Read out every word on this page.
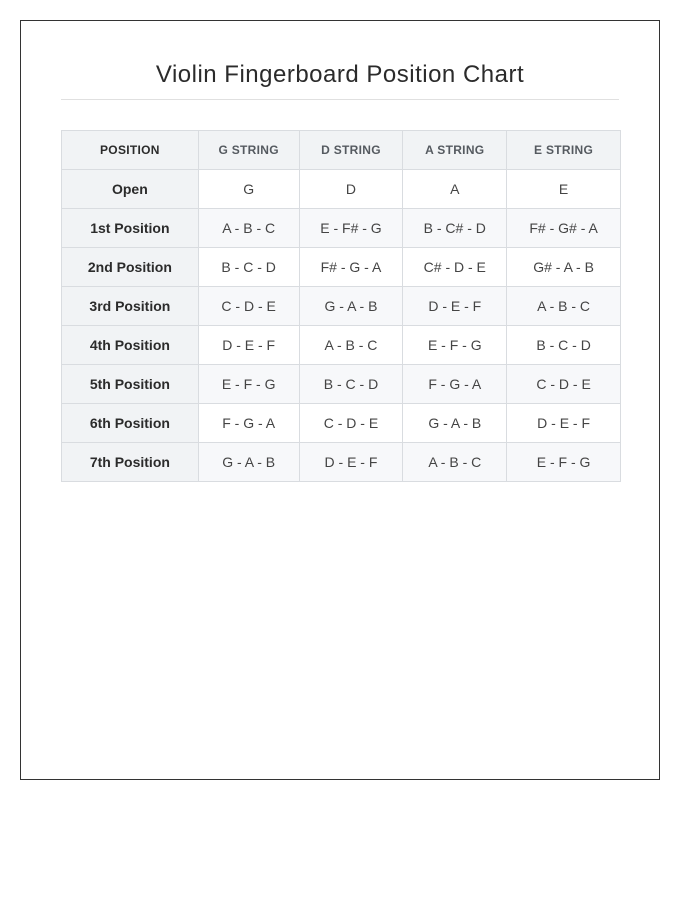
Violin Fingerboard Position Chart
POSITION	G STRING	D STRING	A STRING	E STRING
Open	G	D	A	E
1st Position	A - B - C	E - F# - G	B - C# - D	F# - G# - A
2nd Position	B - C - D	F# - G - A	C# - D - E	G# - A - B
3rd Position	C - D - E	G - A - B	D - E - F	A - B - C
4th Position	D - E - F	A - B - C	E - F - G	B - C - D
5th Position	E - F - G	B - C - D	F - G - A	C - D - E
6th Position	F - G - A	C - D - E	G - A - B	D - E - F
7th Position	G - A - B	D - E - F	A - B - C	E - F - G
